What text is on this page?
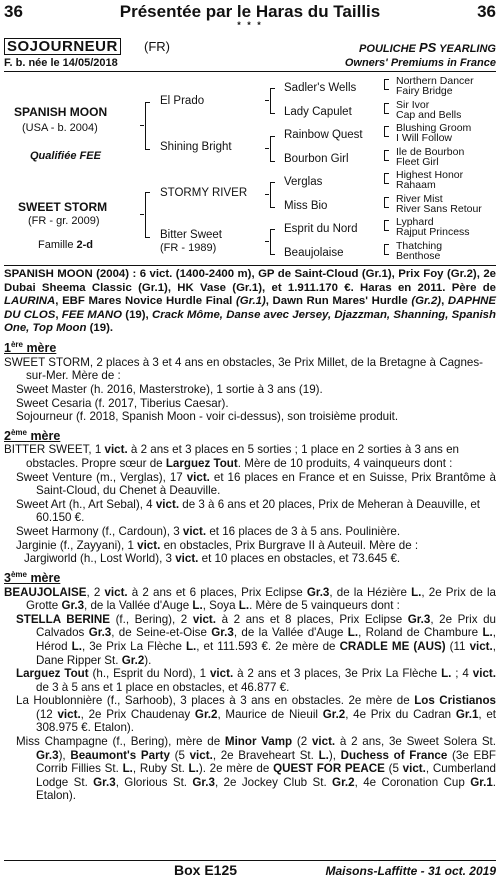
36	Présentée par le Haras du Taillis	36
* * *
SOJOURNEUR (FR)	POULICHE PS YEARLING
F. b. née le 14/05/2018	Owners' Premiums in France
SPANISH MOON
(USA - b. 2004)
Qualifiée FEE
SWEET STORM
(FR - gr. 2009)
Famille 2-d
El Prado
Shining Bright
STORMY RIVER
Bitter Sweet
(FR - 1989)
Sadler's Wells
Lady Capulet
Rainbow Quest
Bourbon Girl
Verglas
Miss Bio
Esprit du Nord
Beaujolaise
Northern Dancer
Fairy Bridge
Sir Ivor
Cap and Bells
Blushing Groom
I Will Follow
Ile de Bourbon
Fleet Girl
Highest Honor
Rahaam
River Mist
River Sans Retour
Lyphard
Rajput Princess
Thatching
Benthose

SPANISH MOON (2004) : 6 vict. (1400-2400 m), GP de Saint-Cloud (Gr.1), Prix Foy (Gr.2), 2e Dubai Sheema Classic (Gr.1), HK Vase (Gr.1), et 1.911.170 €. Haras en 2011. Père de LAURINA, EBF Mares Novice Hurdle Final (Gr.1), Dawn Run Mares' Hurdle (Gr.2), DAPHNE DU CLOS, FEE MANO (19), Crack Môme, Danse avec Jersey, Djazzman, Shanning, Spanish One, Top Moon (19).

1ère mère

SWEET STORM, 2 places à 3 et 4 ans en obstacles, 3e Prix Millet, de la Bretagne à Cagnes-sur-Mer. Mère de :

Sweet Master (h. 2016, Masterstroke), 1 sortie à 3 ans (19).

Sweet Cesaria (f. 2017, Tiberius Caesar).

Sojourneur (f. 2018, Spanish Moon - voir ci-dessus), son troisième produit.

2ème mère

BITTER SWEET, 1 vict. à 2 ans et 3 places en 5 sorties ; 1 place en 2 sorties à 3 ans en obstacles. Propre sœur de Larguez Tout. Mère de 10 produits, 4 vainqueurs dont :

Sweet Venture (m., Verglas), 17 vict. et 16 places en France et en Suisse, Prix Brantôme à Saint-Cloud, du Chenet à Deauville.

Sweet Art (h., Art Sebal), 4 vict. de 3 à 6 ans et 20 places, Prix de Meheran à Deauville, et 60.150 €.

Sweet Harmony (f., Cardoun), 3 vict. et 16 places de 3 à 5 ans. Poulinière.

Jarginie (f., Zayyani), 1 vict. en obstacles, Prix Burgrave II à Auteuil. Mère de :

Jargiworld (h., Lost World), 3 vict. et 10 places en obstacles, et 73.645 €.

3ème mère

BEAUJOLAISE, 2 vict. à 2 ans et 6 places, Prix Eclipse Gr.3, de la Hézière L., 2e Prix de la Grotte Gr.3, de la Vallée d'Auge L., Soya L.. Mère de 5 vainqueurs dont :

STELLA BERINE (f., Bering), 2 vict. à 2 ans et 8 places, Prix Eclipse Gr.3, 2e Prix du Calvados Gr.3, de Seine-et-Oise Gr.3, de la Vallée d'Auge L., Roland de Chambure L., Hérod L., 3e Prix La Flèche L., et 111.593 €. 2e mère de CRADLE ME (AUS) (11 vict., Dane Ripper St. Gr.2).

Larguez Tout (h., Esprit du Nord), 1 vict. à 2 ans et 3 places, 3e Prix La Flèche L. ; 4 vict. de 3 à 5 ans et 1 place en obstacles, et 46.877 €.

La Houblonnière (f., Sarhoob), 3 places à 3 ans en obstacles. 2e mère de Los Cristianos (12 vict., 2e Prix Chaudenay Gr.2, Maurice de Nieuil Gr.2, 4e Prix du Cadran Gr.1, et 308.975 €. Etalon).

Miss Champagne (f., Bering), mère de Minor Vamp (2 vict. à 2 ans, 3e Sweet Solera St. Gr.3), Beaumont's Party (5 vict., 2e Braveheart St. L.), Duchess of France (3e EBF Corrib Fillies St. L., Ruby St. L.). 2e mère de QUEST FOR PEACE (5 vict., Cumberland Lodge St. Gr.3, Glorious St. Gr.3, 2e Jockey Club St. Gr.2, 4e Coronation Cup Gr.1. Etalon).

Box E125	Maisons-Laffitte - 31 oct. 2019
